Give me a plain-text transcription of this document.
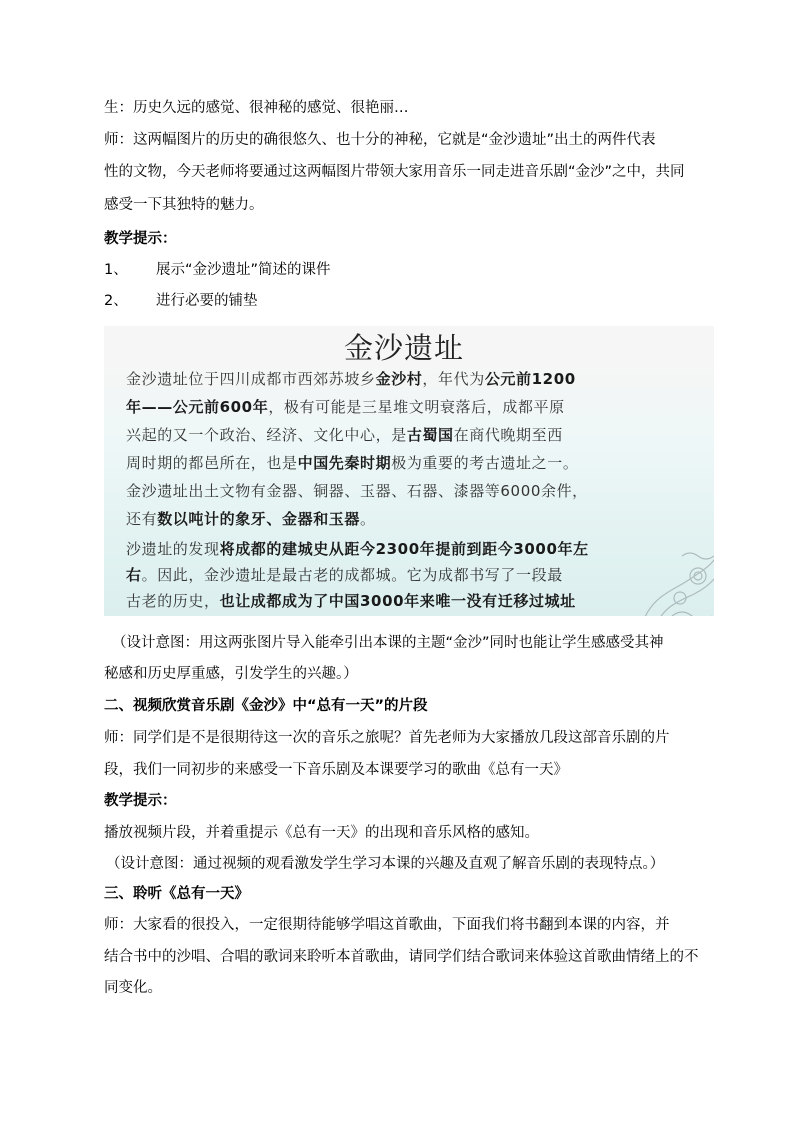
生：历史久远的感觉、很神秘的感觉、很艳丽…
师：这两幅图片的历史的确很悠久、也十分的神秘，它就是“金沙遗址”出土的两件代表
性的文物，今天老师将要通过这两幅图片带领大家用音乐一同走进音乐剧“金沙”之中，共同
感受一下其独特的魅力。
教学提示：
1、 展示“金沙遗址”简述的课件
2、 进行必要的铺垫
金沙遗址
金沙遗址位于四川成都市西郊苏坡乡金沙村，年代为公元前1200
年——公元前600年，极有可能是三星堆文明衰落后，成都平原
兴起的又一个政治、经济、文化中心，是古蜀国在商代晚期至西
周时期的都邑所在，也是中国先秦时期极为重要的考古遗址之一。
金沙遗址出土文物有金器、铜器、玉器、石器、漆器等6000余件，
还有数以吨计的象牙、金器和玉器。
沙遗址的发现将成都的建城史从距今2300年提前到距今3000年左
右。因此，金沙遗址是最古老的成都城。它为成都书写了一段最
古老的历史，也让成都成为了中国3000年来唯一没有迁移过城址
（设计意图：用这两张图片导入能牵引出本课的主题“金沙”同时也能让学生感感受其神
秘感和历史厚重感，引发学生的兴趣。）
二、视频欣赏音乐剧《金沙》中“总有一天”的片段
师：同学们是不是很期待这一次的音乐之旅呢？首先老师为大家播放几段这部音乐剧的片
段，我们一同初步的来感受一下音乐剧及本课要学习的歌曲《总有一天》
教学提示：
播放视频片段，并着重提示《总有一天》的出现和音乐风格的感知。
（设计意图：通过视频的观看激发学生学习本课的兴趣及直观了解音乐剧的表现特点。）
三、聆听《总有一天》
师：大家看的很投入，一定很期待能够学唱这首歌曲，下面我们将书翻到本课的内容，并
结合书中的沙唱、合唱的歌词来聆听本首歌曲，请同学们结合歌词来体验这首歌曲情绪上的不
同变化。
